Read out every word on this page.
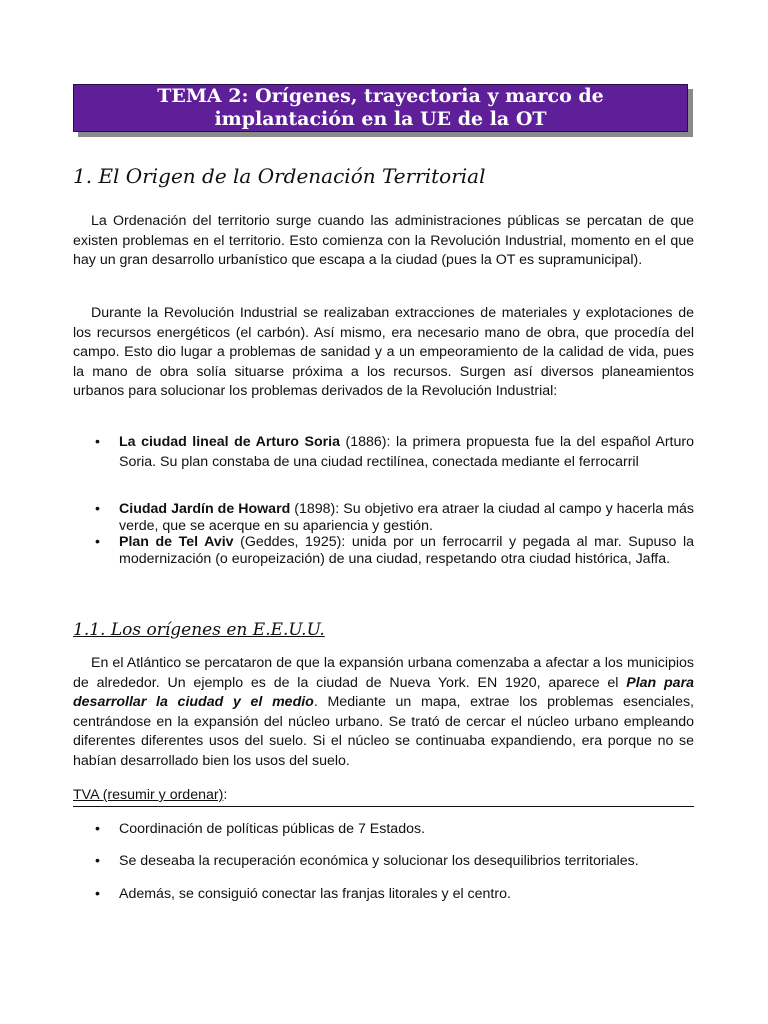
TEMA 2: Orígenes, trayectoria y marco de
implantación en la UE de la OT
1. El Origen de la Ordenación Territorial

La Ordenación del territorio surge cuando las administraciones públicas se percatan de que existen problemas en el territorio. Esto comienza con la Revolución Industrial, momento en el que hay un gran desarrollo urbanístico que escapa a la ciudad (pues la OT es supramunicipal).

Durante la Revolución Industrial se realizaban extracciones de materiales y explotaciones de los recursos energéticos (el carbón). Así mismo, era necesario mano de obra, que procedía del campo. Esto dio lugar a problemas de sanidad y a un empeoramiento de la calidad de vida, pues la mano de obra solía situarse próxima a los recursos. Surgen así diversos planeamientos urbanos para solucionar los problemas derivados de la Revolución Industrial:

• La ciudad lineal de Arturo Soria (1886): la primera propuesta fue la del español Arturo Soria. Su plan constaba de una ciudad rectilínea, conectada mediante el ferrocarril
• Ciudad Jardín de Howard (1898): Su objetivo era atraer la ciudad al campo y hacerla más verde, que se acerque en su apariencia y gestión.
• Plan de Tel Aviv (Geddes, 1925): unida por un ferrocarril y pegada al mar. Supuso la modernización (o europeización) de una ciudad, respetando otra ciudad histórica, Jaffa.
1.1. Los orígenes en E.E.U.U.

En el Atlántico se percataron de que la expansión urbana comenzaba a afectar a los municipios de alrededor. Un ejemplo es de la ciudad de Nueva York. EN 1920, aparece el Plan para desarrollar la ciudad y el medio. Mediante un mapa, extrae los problemas esenciales, centrándose en la expansión del núcleo urbano. Se trató de cercar el núcleo urbano empleando diferentes diferentes usos del suelo. Si el núcleo se continuaba expandiendo, era porque no se habían desarrollado bien los usos del suelo.

TVA (resumir y ordenar):
• Coordinación de políticas públicas de 7 Estados.
• Se deseaba la recuperación económica y solucionar los desequilibrios territoriales.
• Además, se consiguió conectar las franjas litorales y el centro.
